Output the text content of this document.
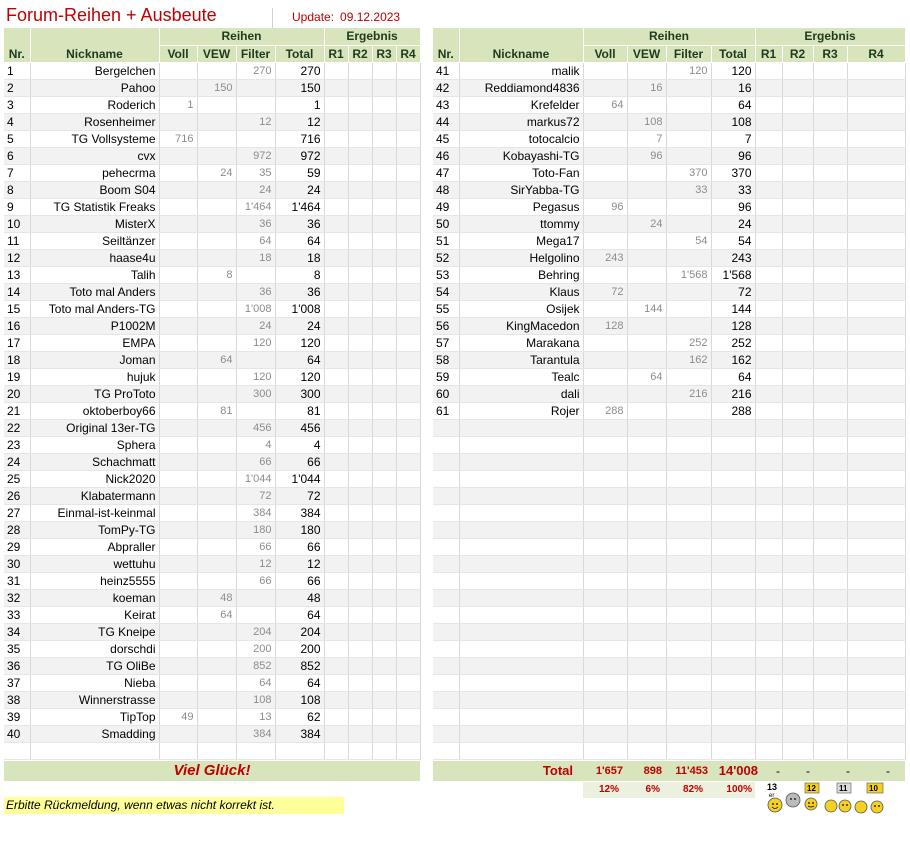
Forum-Reihen + Ausbeute	Update: 09.12.2023
Nr.	Nickname	Reihen				Ergebnis			
		Voll	VEW	Filter	Total	R1	R2	R3	R4
1	Bergelchen			270	270				
2	Pahoo		150		150				
3	Roderich	1			1				
4	Rosenheimer			12	12				
5	TG Vollsysteme	716			716				
6	cvx			972	972				
7	pehecrma		24	35	59				
8	Boom S04			24	24				
9	TG Statistik Freaks			1'464	1'464				
10	MisterX			36	36				
11	Seiltänzer			64	64				
12	haase4u			18	18				
13	Talih		8		8				
14	Toto mal Anders			36	36				
15	Toto mal Anders-TG			1'008	1'008				
16	P1002M			24	24				
17	EMPA			120	120				
18	Joman		64		64				
19	hujuk			120	120				
20	TG ProToto			300	300				
21	oktoberboy66		81		81				
22	Original 13er-TG			456	456				
23	Sphera			4	4				
24	Schachmatt			66	66				
25	Nick2020			1'044	1'044				
26	Klabatermann			72	72				
27	Einmal-ist-keinmal			384	384				
28	TomPy-TG			180	180				
29	Abpraller			66	66				
30	wettuhu			12	12				
31	heinz5555			66	66				
32	koeman		48		48				
33	Keirat		64		64				
34	TG Kneipe			204	204				
35	dorschdi			200	200				
36	TG OliBe			852	852				
37	Nieba			64	64				
38	Winnerstrasse			108	108				
39	TipTop	49		13	62				
40	Smadding			384	384				

Nr.	Nickname	Reihen				Ergebnis			
		Voll	VEW	Filter	Total	R1	R2	R3	R4
41	malik			120	120				
42	Reddiamond4836		16		16				
43	Krefelder	64			64				
44	markus72		108		108				
45	totocalcio		7		7				
46	Kobayashi-TG		96		96				
47	Toto-Fan			370	370				
48	SirYabba-TG			33	33				
49	Pegasus	96			96				
50	ttommy		24		24				
51	Mega17			54	54				
52	Helgolino	243			243				
53	Behring			1'568	1'568				
54	Klaus	72			72				
55	Osijek		144		144				
56	KingMacedon	128			128				
57	Marakana			252	252				
58	Tarantula			162	162				
59	Tealc		64		64				
60	dali			216	216				
61	Rojer	288			288				

Viel Glück!	Total	1'657	898	11'453 14'008	-	-	-	-
12%	6%	82%	100%
Erbitte Rückmeldung, wenn etwas nicht korrekt ist.
13
er
12	11	10
